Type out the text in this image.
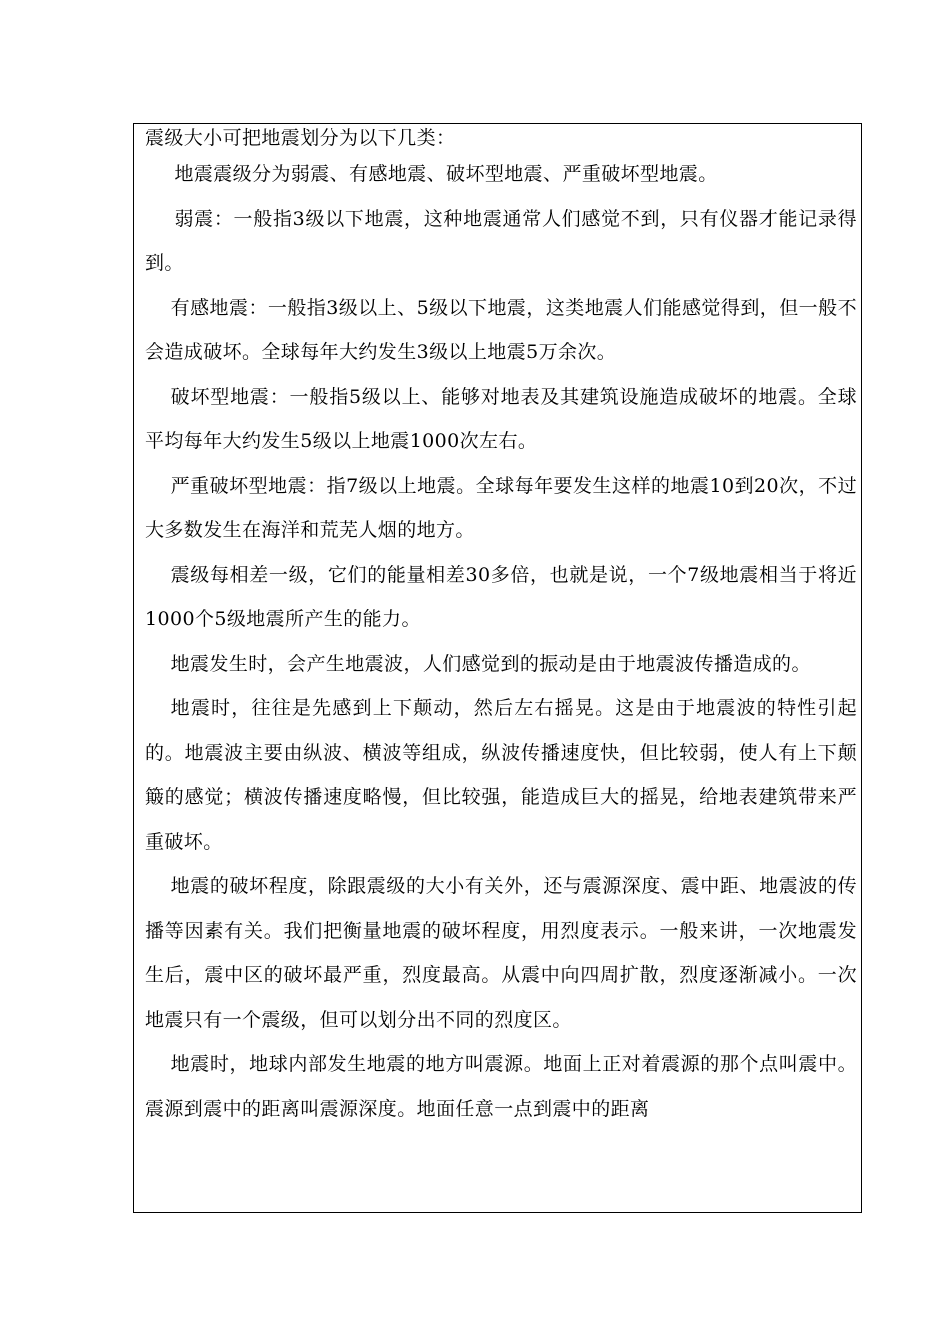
震级大小可把地震划分为以下几类：

地震震级分为弱震、有感地震、破坏型地震、严重破坏型地震。

弱震：一般指3级以下地震，这种地震通常人们感觉不到，只有仪器才能记录得到。

有感地震：一般指3级以上、5级以下地震，这类地震人们能感觉得到，但一般不会造成破坏。全球每年大约发生3级以上地震5万余次。

破坏型地震：一般指5级以上、能够对地表及其建筑设施造成破坏的地震。全球平均每年大约发生5级以上地震1000次左右。

严重破坏型地震：指7级以上地震。全球每年要发生这样的地震10到20次，不过大多数发生在海洋和荒芜人烟的地方。

震级每相差一级，它们的能量相差30多倍，也就是说，一个7级地震相当于将近1000个5级地震所产生的能力。

地震发生时，会产生地震波，人们感觉到的振动是由于地震波传播造成的。

地震时，往往是先感到上下颠动，然后左右摇晃。这是由于地震波的特性引起的。地震波主要由纵波、横波等组成，纵波传播速度快，但比较弱，使人有上下颠簸的感觉；横波传播速度略慢，但比较强，能造成巨大的摇晃，给地表建筑带来严重破坏。

地震的破坏程度，除跟震级的大小有关外，还与震源深度、震中距、地震波的传播等因素有关。我们把衡量地震的破坏程度，用烈度表示。一般来讲，一次地震发生后，震中区的破坏最严重，烈度最高。从震中向四周扩散，烈度逐渐减小。一次地震只有一个震级，但可以划分出不同的烈度区。

地震时，地球内部发生地震的地方叫震源。地面上正对着震源的那个点叫震中。震源到震中的距离叫震源深度。地面任意一点到震中的距离
